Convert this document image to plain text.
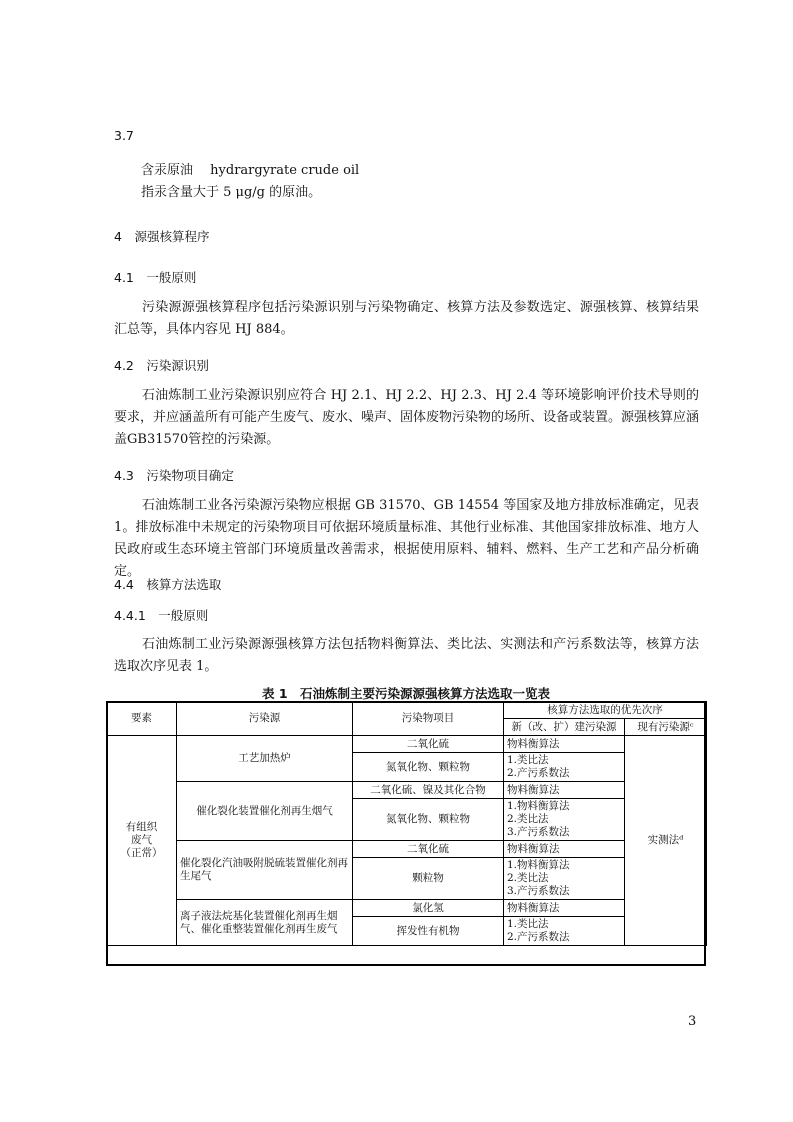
3.7
含汞原油　 hydrargyrate crude oil
指汞含量大于 5 μg/g 的原油。
4　源强核算程序
4.1　一般原则
污染源源强核算程序包括污染源识别与污染物确定、核算方法及参数选定、源强核算、核算结果汇总等，具体内容见 HJ 884。
4.2　污染源识别
石油炼制工业污染源识别应符合 HJ 2.1、HJ 2.2、HJ 2.3、HJ 2.4 等环境影响评价技术导则的要求，并应涵盖所有可能产生废气、废水、噪声、固体废物污染物的场所、设备或装置。源强核算应涵盖GB31570管控的污染源。
4.3　污染物项目确定
石油炼制工业各污染源污染物应根据 GB 31570、GB 14554 等国家及地方排放标准确定，见表 1。排放标准中未规定的污染物项目可依据环境质量标准、其他行业标准、其他国家排放标准、地方人民政府或生态环境主管部门环境质量改善需求，根据使用原料、辅料、燃料、生产工艺和产品分析确定。
4.4　核算方法选取
4.4.1　一般原则
石油炼制工业污染源源强核算方法包括物料衡算法、类比法、实测法和产污系数法等，核算方法选取次序见表 1。
表 1　石油炼制主要污染源源强核算方法选取一览表
要素	污染源	污染物项目	核算方法选取的优先次序	
			新（改、扩）建污染源	现有污染源ᶜ

有组织
废气
（正常）	工艺加热炉	二氧化硫	物料衡算法	实测法ᵈ
		氮氧化物、颗粒物	1.类比法
2.产污系数法	

	催化裂化装置催化剂再生烟气	二氧化硫、镍及其化合物	物料衡算法	

		氮氧化物、颗粒物	1.物料衡算法
2.类比法
3.产污系数法	

	催化裂化汽油吸附脱硫装置催化剂再生尾气	二氧化硫	物料衡算法	

		颗粒物	1.物料衡算法
2.类比法
3.产污系数法	

	离子液法烷基化装置催化剂再生烟气、催化重整装置催化剂再生废气	氯化氢	物料衡算法	

		挥发性有机物	1.类比法
2.产污系数法	
3
